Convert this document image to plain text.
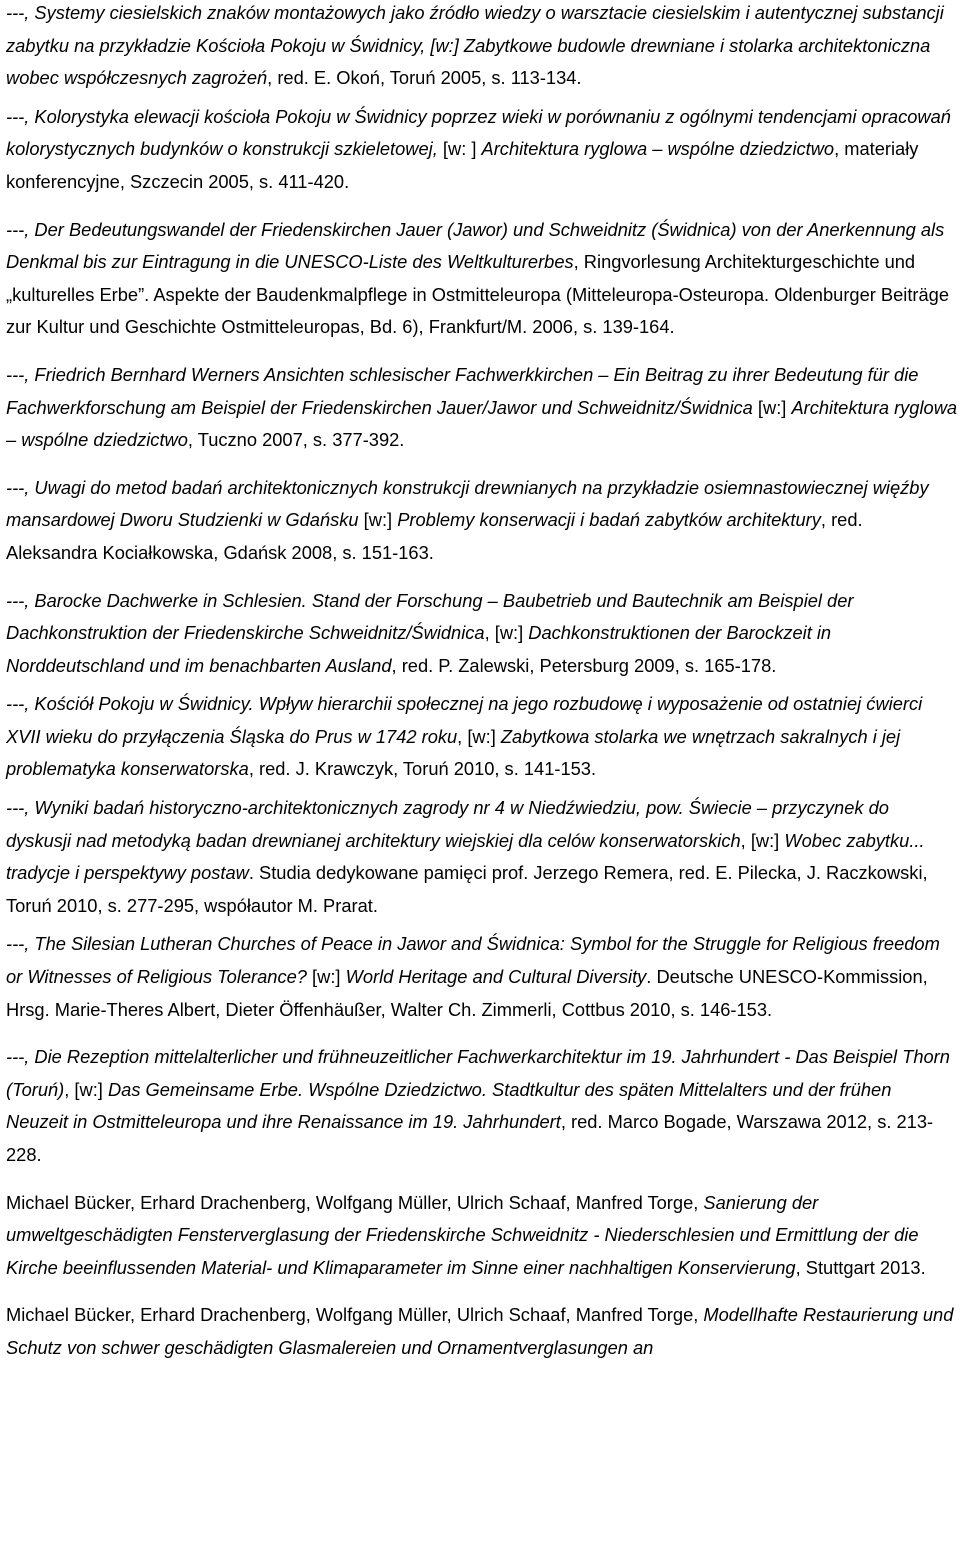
---, Systemy ciesielskich znaków montażowych jako źródło wiedzy o warsztacie ciesielskim i autentycznej substancji zabytku na przykładzie Kościoła Pokoju w Świdnicy, [w:] Zabytkowe budowle drewniane i stolarka architektoniczna wobec współczesnych zagrożeń, red. E. Okoń, Toruń 2005, s. 113-134.

---, Kolorystyka elewacji kościoła Pokoju w Świdnicy poprzez wieki w porównaniu z ogólnymi tendencjami opracowań kolorystycznych budynków o konstrukcji szkieletowej, [w: ] Architektura ryglowa – wspólne dziedzictwo, materiały konferencyjne, Szczecin 2005, s. 411-420.

---, Der Bedeutungswandel der Friedenskirchen Jauer (Jawor) und Schweidnitz (Świdnica) von der Anerkennung als Denkmal bis zur Eintragung in die UNESCO-Liste des Weltkulturerbes, Ringvorlesung Architekturgeschichte und „kulturelles Erbe”. Aspekte der Baudenkmalpflege in Ostmitteleuropa (Mitteleuropa-Osteuropa. Oldenburger Beiträge zur Kultur und Geschichte Ostmitteleuropas, Bd. 6), Frankfurt/M. 2006, s. 139-164.

---, Friedrich Bernhard Werners Ansichten schlesischer Fachwerkkirchen – Ein Beitrag zu ihrer Bedeutung für die Fachwerkforschung am Beispiel der Friedenskirchen Jauer/Jawor und Schweidnitz/Świdnica [w:] Architektura ryglowa – wspólne dziedzictwo, Tuczno 2007, s. 377-392.

---, Uwagi do metod badań architektonicznych konstrukcji drewnianych na przykładzie osiemnastowiecznej więźby mansardowej Dworu Studzienki w Gdańsku [w:] Problemy konserwacji i badań zabytków architektury, red. Aleksandra Kociałkowska, Gdańsk 2008, s. 151-163.

---, Barocke Dachwerke in Schlesien. Stand der Forschung – Baubetrieb und Bautechnik am Beispiel der Dachkonstruktion der Friedenskirche Schweidnitz/Świdnica, [w:] Dachkonstruktionen der Barockzeit in Norddeutschland und im benachbarten Ausland, red. P. Zalewski, Petersburg 2009, s. 165-178.

---, Kościół Pokoju w Świdnicy. Wpływ hierarchii społecznej na jego rozbudowę i wyposażenie od ostatniej ćwierci XVII wieku do przyłączenia Śląska do Prus w 1742 roku, [w:] Zabytkowa stolarka we wnętrzach sakralnych i jej problematyka konserwatorska, red. J. Krawczyk, Toruń 2010, s. 141-153.

---, Wyniki badań historyczno-architektonicznych zagrody nr 4 w Niedźwiedziu, pow. Świecie – przyczynek do dyskusji nad metodyką badan drewnianej architektury wiejskiej dla celów konserwatorskich, [w:] Wobec zabytku... tradycje i perspektywy postaw. Studia dedykowane pamięci prof. Jerzego Remera, red. E. Pilecka, J. Raczkowski, Toruń 2010, s. 277-295, współautor M. Prarat.

---, The Silesian Lutheran Churches of Peace in Jawor and Świdnica: Symbol for the Struggle for Religious freedom or Witnesses of Religious Tolerance? [w:] World Heritage and Cultural Diversity. Deutsche UNESCO-Kommission, Hrsg. Marie-Theres Albert, Dieter Öffenhäußer, Walter Ch. Zimmerli, Cottbus 2010, s. 146-153.

---, Die Rezeption mittelalterlicher und frühneuzeitlicher Fachwerkarchitektur im 19. Jahrhundert - Das Beispiel Thorn (Toruń), [w:] Das Gemeinsame Erbe. Wspólne Dziedzictwo. Stadtkultur des späten Mittelalters und der frühen Neuzeit in Ostmitteleuropa und ihre Renaissance im 19. Jahrhundert, red. Marco Bogade, Warszawa 2012, s. 213-228.

Michael Bücker, Erhard Drachenberg, Wolfgang Müller, Ulrich Schaaf, Manfred Torge, Sanierung der umweltgeschädigten Fensterverglasung der Friedenskirche Schweidnitz - Niederschlesien und Ermittlung der die Kirche beeinflussenden Material- und Klimaparameter im Sinne einer nachhaltigen Konservierung, Stuttgart 2013.

Michael Bücker, Erhard Drachenberg, Wolfgang Müller, Ulrich Schaaf, Manfred Torge, Modellhafte Restaurierung und Schutz von schwer geschädigten Glasmalereien und Ornamentverglasungen an
